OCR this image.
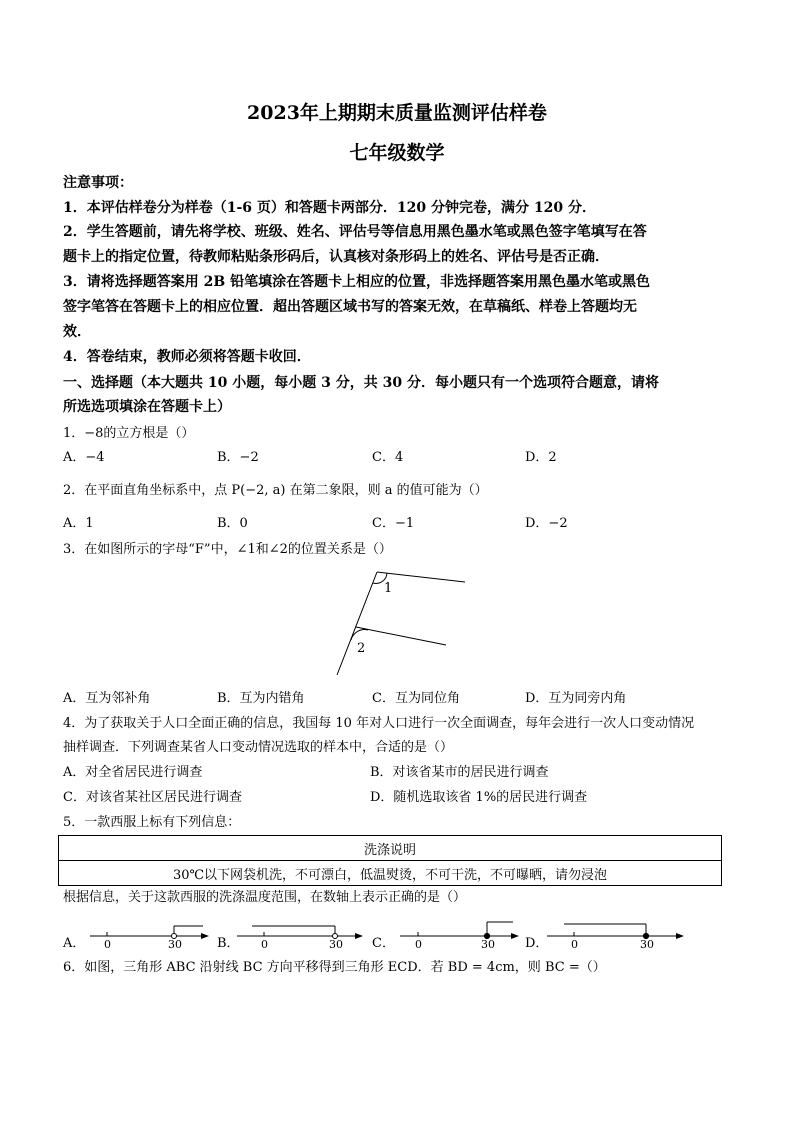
2023年上期期末质量监测评估样卷
七年级数学
注意事项：
1．本评估样卷分为样卷（1-6 页）和答题卡两部分．120 分钟完卷，满分 120 分．
2．学生答题前，请先将学校、班级、姓名、评估号等信息用黑色墨水笔或黑色签字笔填写在答
题卡上的指定位置，待教师粘贴条形码后，认真核对条形码上的姓名、评估号是否正确．
3．请将选择题答案用 2B 铅笔填涂在答题卡上相应的位置，非选择题答案用黑色墨水笔或黑色
签字笔答在答题卡上的相应位置．超出答题区域书写的答案无效，在草稿纸、样卷上答题均无
效．
4．答卷结束，教师必须将答题卡收回．
一、选择题（本大题共 10 小题，每小题 3 分，共 30 分．每小题只有一个选项符合题意，请将
所选选项填涂在答题卡上）
1．−8的立方根是（）
A．−4	B．−2	C．4	D．2
2．在平面直角坐标系中，点 P(−2, a) 在第二象限，则 a 的值可能为（）
A．1	B．0	C．−1	D．−2
3．在如图所示的字母“F”中，∠1和∠2的位置关系是（）
1
2
A．互为邻补角	B．互为内错角	C．互为同位角	D．互为同旁内角
4．为了获取关于人口全面正确的信息，我国每 10 年对人口进行一次全面调查，每年会进行一次人口变动情况
抽样调查．下列调查某省人口变动情况选取的样本中，合适的是（）
A．对全省居民进行调查	B．对该省某市的居民进行调查
C．对该省某社区居民进行调查	D．随机选取该省 1%的居民进行调查
5．一款西服上标有下列信息：
洗涤说明
30℃以下网袋机洗，不可漂白，低温熨烫，不可干洗，不可曝晒，请勿浸泡
根据信息，关于这款西服的洗涤温度范围，在数轴上表示正确的是（）
A． 0	30	B． 0	30 C． 0	30 D． 0	30
6．如图，三角形 ABC 沿射线 BC 方向平移得到三角形 ECD．若 BD = 4cm，则 BC =（）
